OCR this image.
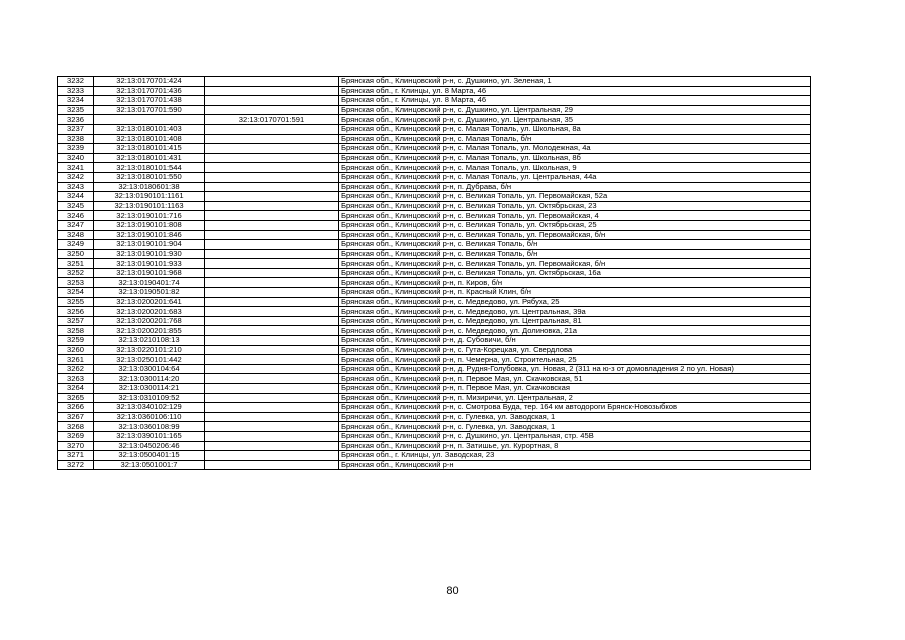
3232	32:13:0170701:424		Брянская обл., Клинцовский р-н, с. Душкино, ул. Зеленая, 1
3233	32:13:0170701:436		Брянская обл., г. Клинцы, ул. 8 Марта, 46
3234	32:13:0170701:438		Брянская обл., г. Клинцы, ул. 8 Марта, 46
3235	32:13:0170701:590		Брянская обл., Клинцовский р-н, с. Душкино, ул. Центральная, 29
3236		32:13:0170701:591	Брянская обл., Клинцовский р-н, с. Душкино, ул. Центральная, 35
3237	32:13:0180101:403		Брянская обл., Клинцовский р-н, с. Малая Топаль, ул. Школьная, 8а
3238	32:13:0180101:408		Брянская обл., Клинцовский р-н, с. Малая Топаль, б/н
3239	32:13:0180101:415		Брянская обл., Клинцовский р-н, с. Малая Топаль, ул. Молодежная, 4а
3240	32:13:0180101:431		Брянская обл., Клинцовский р-н, с. Малая Топаль, ул. Школьная, 8б
3241	32:13:0180101:544		Брянская обл., Клинцовский р-н, с. Малая Топаль, ул. Школьная, 9
3242	32:13:0180101:550		Брянская обл., Клинцовский р-н, с. Малая Топаль, ул. Центральная, 44а
3243	32:13:0180601:38		Брянская обл., Клинцовский р-н, п. Дубрава, б/н
3244	32:13:0190101:1161		Брянская обл., Клинцовский р-н, с. Великая Топаль, ул. Первомайская, 52а
3245	32:13:0190101:1163		Брянская обл., Клинцовский р-н, с. Великая Топаль, ул. Октябрьская, 23
3246	32:13:0190101:716		Брянская обл., Клинцовский р-н, с. Великая Топаль, ул. Первомайская, 4
3247	32:13:0190101:808		Брянская обл., Клинцовский р-н, с. Великая Топаль, ул. Октябрьская, 25
3248	32:13:0190101:846		Брянская обл., Клинцовский р-н, с. Великая Топаль, ул. Первомайская, б/н
3249	32:13:0190101:904		Брянская обл., Клинцовский р-н, с. Великая Топаль, б/н
3250	32:13:0190101:930		Брянская обл., Клинцовский р-н, с. Великая Топаль, б/н
3251	32:13:0190101:933		Брянская обл., Клинцовский р-н, с. Великая Топаль, ул. Первомайская, б/н
3252	32:13:0190101:968		Брянская обл., Клинцовский р-н, с. Великая Топаль, ул. Октябрьская, 16а
3253	32:13:0190401:74		Брянская обл., Клинцовский р-н, п. Киров, б/н
3254	32:13:0190501:82		Брянская обл., Клинцовский р-н, п. Красный Клин, б/н
3255	32:13:0200201:641		Брянская обл., Клинцовский р-н, с. Медведово, ул. Рябуха, 25
3256	32:13:0200201:683		Брянская обл., Клинцовский р-н, с. Медведово, ул. Центральная, 39а
3257	32:13:0200201:768		Брянская обл., Клинцовский р-н, с. Медведово, ул. Центральная, 81
3258	32:13:0200201:855		Брянская обл., Клинцовский р-н, с. Медведово, ул. Долиновка, 21а
3259	32:13:0210108:13		Брянская обл., Клинцовский р-н, д. Субовичи, б/н
3260	32:13:0220101:210		Брянская обл., Клинцовский р-н, с. Гута-Корецкая, ул. Свердлова
3261	32:13:0250101:442		Брянская обл., Клинцовский р-н, п. Чемерна, ул. Строительная, 25
3262	32:13:0300104:64		Брянская обл., Клинцовский р-н, д. Рудня-Голубовка, ул. Новая, 2 (311 на ю-з от домовладения 2 по ул. Новая)
3263	32:13:0300114:20		Брянская обл., Клинцовский р-н, п. Первое Мая, ул. Скачковская, 51
3264	32:13:0300114:21		Брянская обл., Клинцовский р-н, п. Первое Мая, ул. Скачковская
3265	32:13:0310109:52		Брянская обл., Клинцовский р-н, п. Мизиричи, ул. Центральная, 2
3266	32:13:0340102:129		Брянская обл., Клинцовский р-н, с. Смотрова Буда, тер. 164 км автодороги Брянск-Новозыбков
3267	32:13:0360106:110		Брянская обл., Клинцовский р-н, с. Гулевка, ул. Заводская, 1
3268	32:13:0360108:99		Брянская обл., Клинцовский р-н, с. Гулевка, ул. Заводская, 1
3269	32:13:0390101:165		Брянская обл., Клинцовский р-н, с. Душкино, ул. Центральная, стр. 45В
3270	32:13:0450206:46		Брянская обл., Клинцовский р-н, п. Затишье, ул. Курортная, 8
3271	32:13:0500401:15		Брянская обл., г. Клинцы, ул. Заводская, 23
3272	32:13:0501001:7		Брянская обл., Клинцовский р-н
80
